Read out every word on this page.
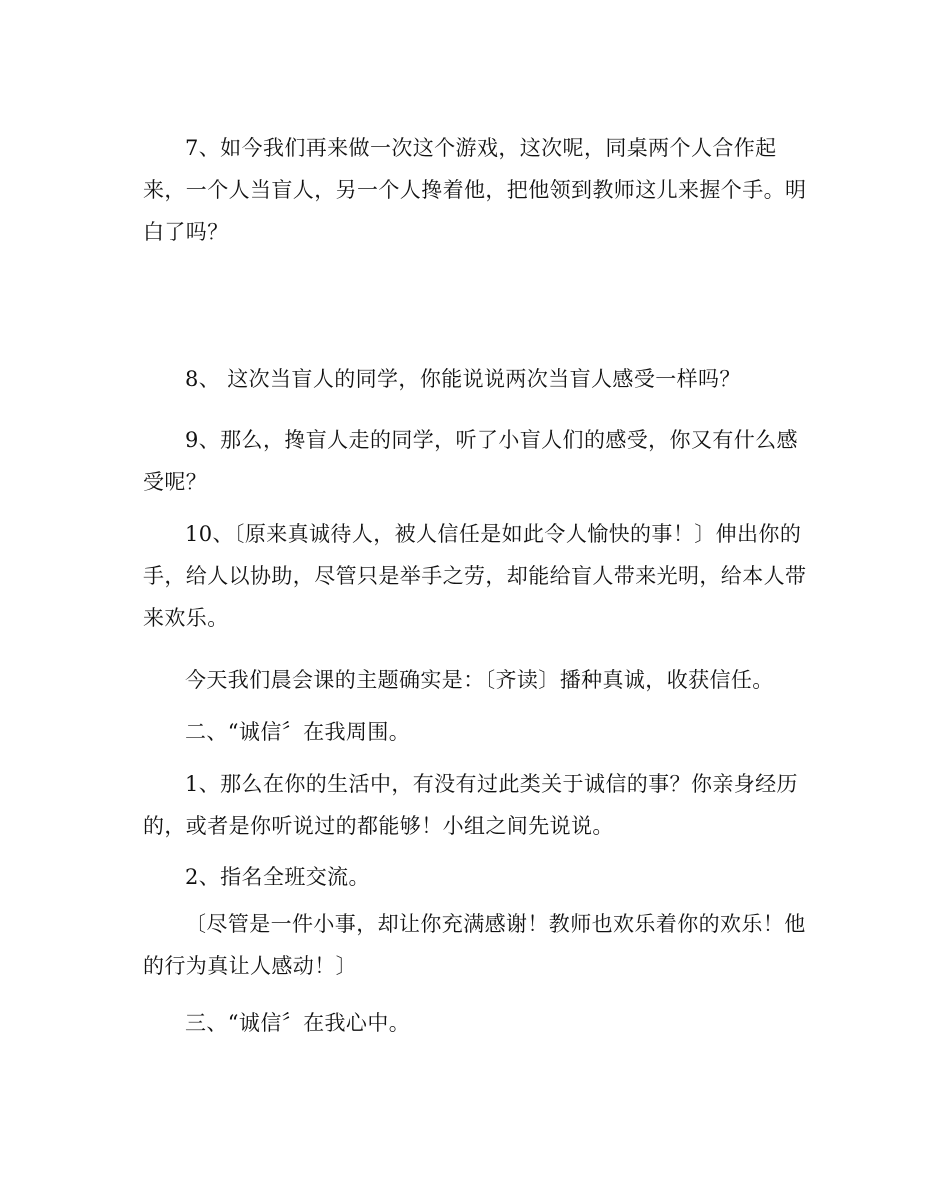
7、如今我们再来做一次这个游戏，这次呢，同桌两个人合作起来，一个人当盲人，另一个人搀着他，把他领到教师这儿来握个手。明白了吗？

8、 这次当盲人的同学，你能说说两次当盲人感受一样吗？

9、那么，搀盲人走的同学，听了小盲人们的感受，你又有什么感受呢？

10、〔原来真诚待人，被人信任是如此令人愉快的事！〕伸出你的手，给人以协助，尽管只是举手之劳，却能给盲人带来光明，给本人带来欢乐。

今天我们晨会课的主题确实是：〔齐读〕播种真诚，收获信任。

二、“诚信〞在我周围。

1、那么在你的生活中，有没有过此类关于诚信的事？你亲身经历的，或者是你听说过的都能够！小组之间先说说。

2、指名全班交流。

〔尽管是一件小事，却让你充满感谢！教师也欢乐着你的欢乐！他的行为真让人感动！〕

三、“诚信〞在我心中。
